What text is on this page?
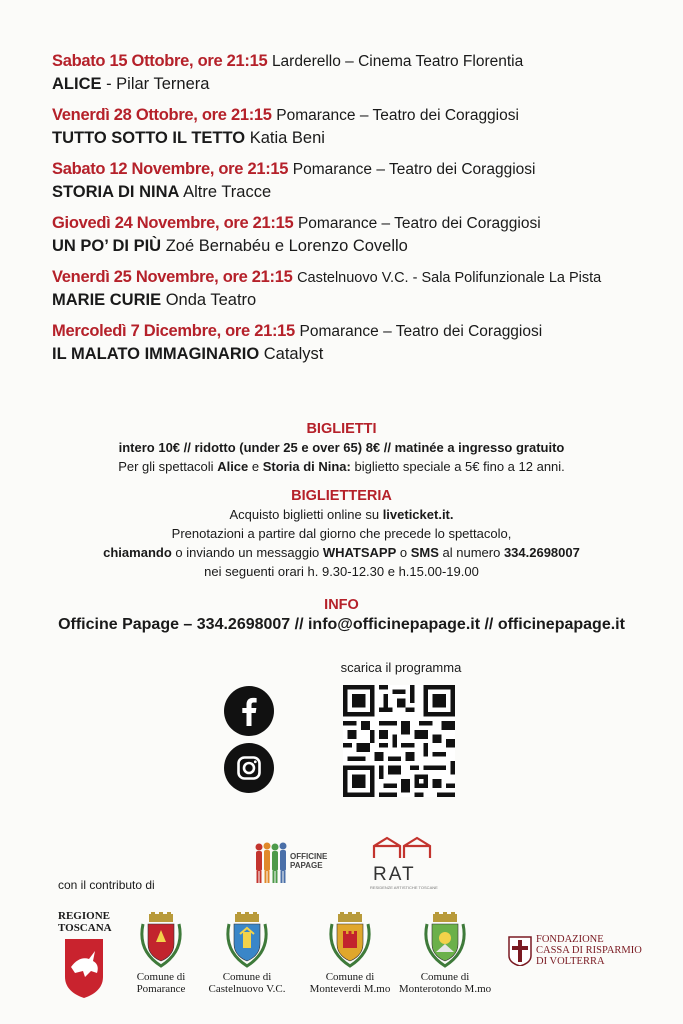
Sabato 15 Ottobre, ore 21:15 Larderello – Cinema Teatro Florentia
ALICE - Pilar Ternera
Venerdì 28 Ottobre, ore 21:15 Pomarance – Teatro dei Coraggiosi
TUTTO SOTTO IL TETTO Katia Beni
Sabato 12 Novembre, ore 21:15 Pomarance – Teatro dei Coraggiosi
STORIA DI NINA Altre Tracce
Giovedì 24 Novembre, ore 21:15 Pomarance – Teatro dei Coraggiosi
UN PO’ DI PIÙ Zoé Bernabéu e Lorenzo Covello
Venerdì 25 Novembre, ore 21:15 Castelnuovo V.C. - Sala Polifunzionale La Pista
MARIE CURIE Onda Teatro
Mercoledì 7 Dicembre, ore 21:15 Pomarance – Teatro dei Coraggiosi
IL MALATO IMMAGINARIO Catalyst
BIGLIETTI
intero 10€ // ridotto (under 25 e over 65) 8€ // matinée a ingresso gratuito
Per gli spettacoli Alice e Storia di Nina: biglietto speciale a 5€ fino a 12 anni.
BIGLIETTERIA
Acquisto biglietti online su liveticket.it.
Prenotazioni a partire dal giorno che precede lo spettacolo,
chiamando o inviando un messaggio WHATSAPP o SMS al numero 334.2698007
nei seguenti orari h. 9.30-12.30 e h.15.00-19.00
INFO
Officine Papage – 334.2698007 // info@officinepapage.it // officinepapage.it
scarica il programma
OFFICINE PAPAGE	RAT
RESIDENZE ARTISTICHE TOSCANE
con il contributo di
REGIONE TOSCANA
Comune di
Pomarance
Comune di
Castelnuovo V.C.
Comune di
Monteverdi M.mo
Comune di
Monterotondo M.mo
FONDAZIONE
CASSA DI RISPARMIO
DI VOLTERRA
